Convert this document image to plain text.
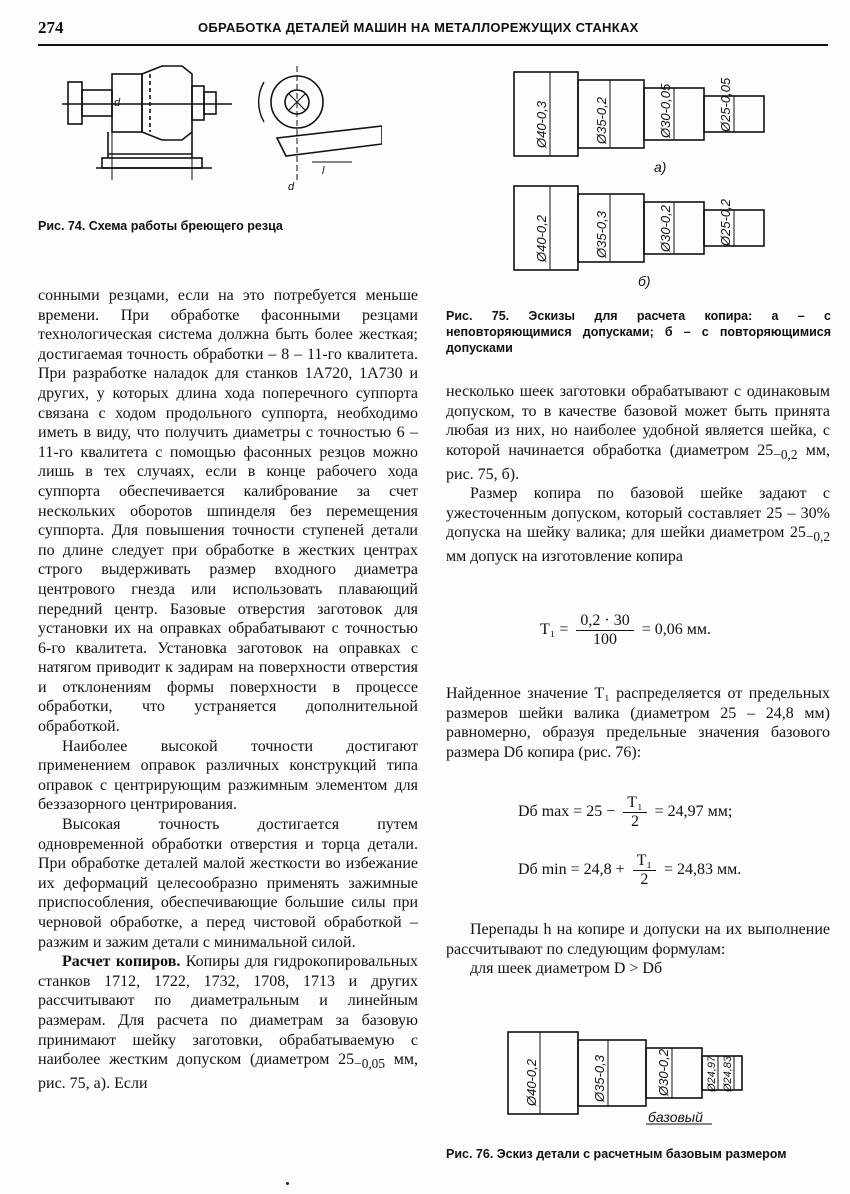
274	ОБРАБОТКА ДЕТАЛЕЙ МАШИН НА МЕТАЛЛОРЕЖУЩИХ СТАНКАХ
d
l
d
Рис. 74. Схема работы бреющего резца
Ø40-0,3	Ø35-0,2	Ø30-0,05	Ø25-0,05
а)
Ø40-0,2	Ø35-0,3	Ø30-0,2	Ø25-0,2
б)
Рис. 75. Эскизы для расчета копира: а – с неповторяющимися допусками; б – с повторяющимися допусками

сонными резцами, если на это потребуется меньше времени. При обработке фасонными резцами технологическая система должна быть более жесткая; достигаемая точность обработки – 8 – 11-го квалитета. При разработке наладок для станков 1А720, 1А730 и других, у которых длина хода поперечного суппорта связана с ходом продольного суппорта, необходимо иметь в виду, что получить диаметры с точностью 6 – 11-го квалитета с помощью фасонных резцов можно лишь в тех случаях, если в конце рабочего хода суппорта обеспечивается калибрование за счет нескольких оборотов шпинделя без перемещения суппорта. Для повышения точности ступеней детали по длине следует при обработке в жестких центрах строго выдерживать размер входного диаметра центрового гнезда или использовать плавающий передний центр. Базовые отверстия заготовок для установки их на оправках обрабатывают с точностью 6-го квалитета. Установка заготовок на оправках с натягом приводит к задирам на поверхности отверстия и отклонениям формы поверхности в процессе обработки, что устраняется дополнительной обработкой.

Наиболее высокой точности достигают применением оправок различных конструкций типа оправок с центрирующим разжимным элементом для беззазорного центрирования.

Высокая точность достигается путем одновременной обработки отверстия и торца детали. При обработке деталей малой жесткости во избежание их деформаций целесообразно применять зажимные приспособления, обеспечивающие большие силы при черновой обработке, а перед чистовой обработкой – разжим и зажим детали с минимальной силой.

Расчет копиров. Копиры для гидрокопировальных станков 1712, 1722, 1732, 1708, 1713 и других рассчитывают по диаметральным и линейным размерам. Для расчета по диаметрам за базовую принимают шейку заготовки, обрабатываемую с наиболее жестким допуском (диаметром $25_{-0,05}$ мм, рис. 75, а). Если

несколько шеек заготовки обрабатывают с одинаковым допуском, то в качестве базовой может быть принята любая из них, но наиболее удобной является шейка, с которой начинается обработка (диаметром $25_{-0,2}$ мм, рис. 75, б).

Размер копира по базовой шейке задают с ужесточенным допуском, который составляет 25 – 30% допуска на шейку валика; для шейки диаметром $25_{-0,2}$ мм допуск на изготовление копира

$T_1 = \frac{0,2 \cdot 30}{100} = 0,06$ мм.

Найденное значение T₁ распределяется от предельных размеров шейки валика (диаметром 25 – 24,8 мм) равномерно, образуя предельные значения базового размера Dб копира (рис. 76):

Dб $\max = 25 - \frac{\text{T₁}}{2} = 24,97$ мм;
Dб $\min = 24,8 + \frac{\text{T₁}}{2} = 24,83$ мм.

Перепады h на копире и допуски на их выполнение рассчитывают по следующим формулам:

для шеек диаметром D > Dб

Ø40-0,2	Ø35-0,3	Ø30-0,2	Ø24,97 Ø24,83
базовый
Рис. 76. Эскиз детали с расчетным базовым размером
